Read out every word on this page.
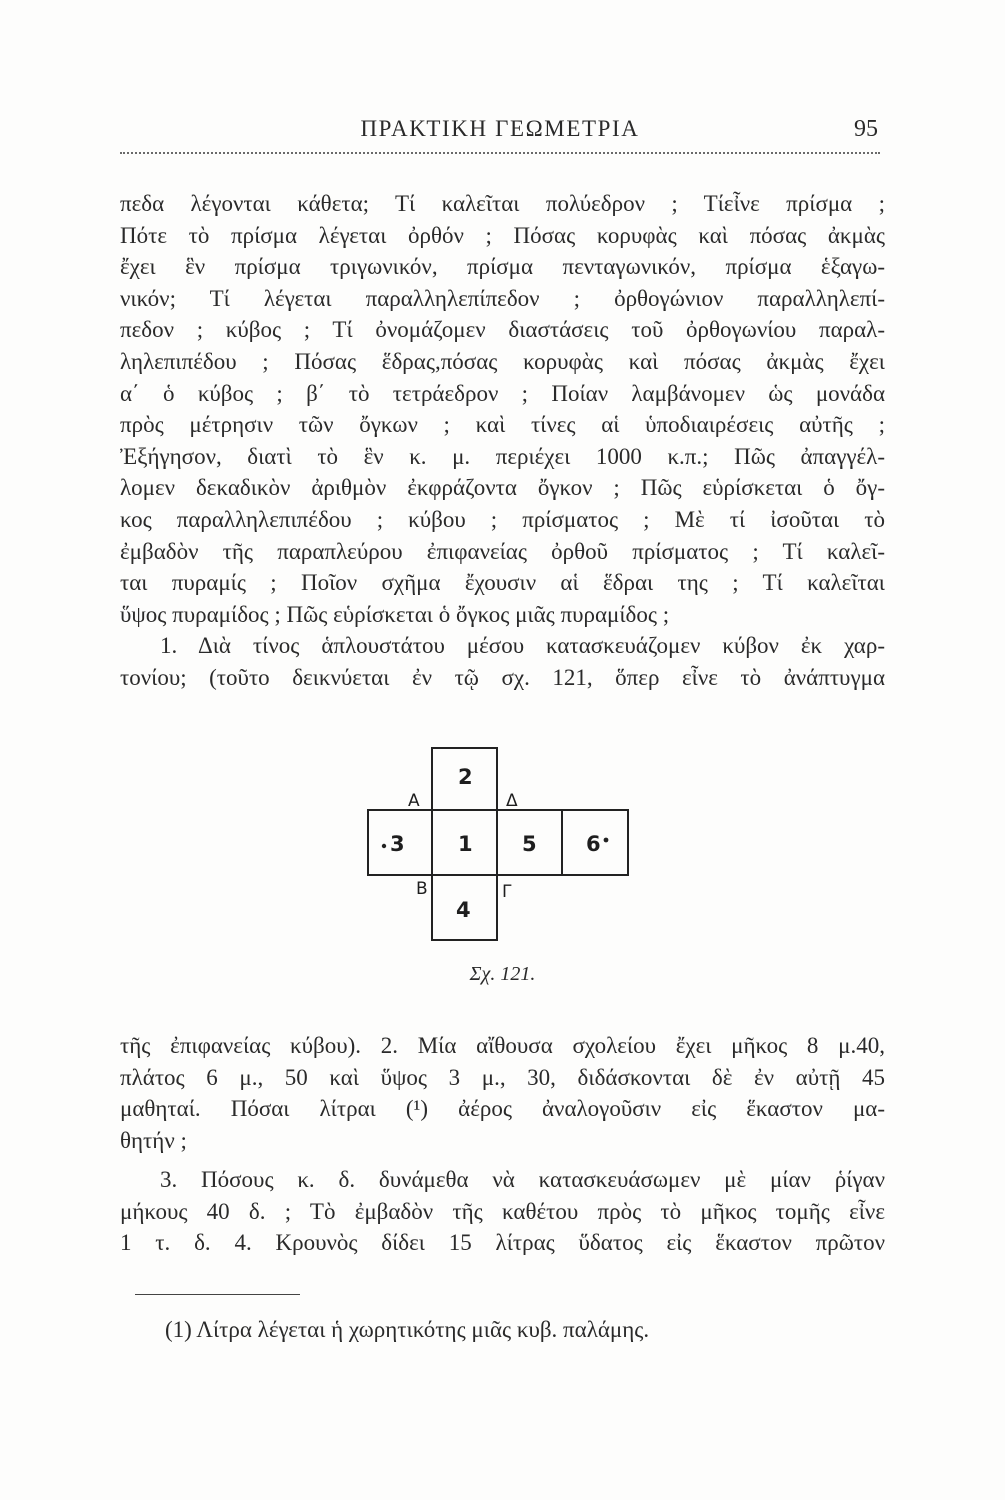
ΠΡΑΚΤΙΚΗ ΓΕΩΜΕΤΡΙΑ	95
πεδα λέγονται κάθετα; Τί καλεῖται πολύεδρον ; Τίεἶνε πρίσμα ;
Πότε τὸ πρίσμα λέγεται ὀρθόν ; Πόσας κορυφὰς καὶ πόσας ἀκμὰς
ἔχει ἓν πρίσμα τριγωνικόν, πρίσμα πενταγωνικόν, πρίσμα ἑξαγω-
νικόν; Τί λέγεται παραλληλεπίπεδον ; ὀρθογώνιον παραλληλεπί-
πεδον ; κύβος ; Τί ὀνομάζομεν διαστάσεις τοῦ ὀρθογωνίου παραλ-
ληλεπιπέδου ; Πόσας ἕδρας,πόσας κορυφὰς καὶ πόσας ἀκμὰς ἔχει
α΄ ὁ κύβος ; β΄ τὸ τετράεδρον ; Ποίαν λαμβάνομεν ὡς μονάδα
πρὸς μέτρησιν τῶν ὄγκων ; καὶ τίνες αἱ ὑποδιαιρέσεις αὐτῆς ;
Ἐξήγησον, διατὶ τὸ ἓν κ. μ. περιέχει 1000 κ.π.; Πῶς ἀπαγγέλ-
λομεν δεκαδικὸν ἀριθμὸν ἐκφράζοντα ὄγκον ; Πῶς εὑρίσκεται ὁ ὄγ-
κος παραλληλεπιπέδου ; κύβου ; πρίσματος ; Μὲ τί ἰσοῦται τὸ
ἐμβαδὸν τῆς παραπλεύρου ἐπιφανείας ὀρθοῦ πρίσματος ; Τί καλεῖ-
ται πυραμίς ; Ποῖον σχῆμα ἔχουσιν αἱ ἕδραι της ; Τί καλεῖται
ὕψος πυραμίδος ; Πῶς εὑρίσκεται ὁ ὄγκος μιᾶς πυραμίδος ;
1. Διὰ τίνος ἁπλουστάτου μέσου κατασκευάζομεν κύβον ἐκ χαρ-
τονίου; (τοῦτο δεικνύεται ἐν τῷ σχ. 121, ὅπερ εἶνε τὸ ἀνάπτυγμα
2
3	1 5 6
4
Α	Δ
Β	Γ
Σχ. 121.
τῆς ἐπιφανείας κύβου). 2. Μία αἴθουσα σχολείου ἔχει μῆκος 8 μ.40,
πλάτος 6 μ., 50 καὶ ὕψος 3 μ., 30, διδάσκονται δὲ ἐν αὐτῇ 45
μαθηταί. Πόσαι λίτραι (¹) ἀέρος ἀναλογοῦσιν εἰς ἕκαστον μα-
θητήν ;
3. Πόσους κ. δ. δυνάμεθα νὰ κατασκευάσωμεν μὲ μίαν ῥίγαν
μήκους 40 δ. ; Τὸ ἐμβαδὸν τῆς καθέτου πρὸς τὸ μῆκος τομῆς εἶνε
1 τ. δ. 4. Κρουνὸς δίδει 15 λίτρας ὕδατος εἰς ἕκαστον πρῶτον
(1) Λίτρα λέγεται ἡ χωρητικότης μιᾶς κυβ. παλάμης.
